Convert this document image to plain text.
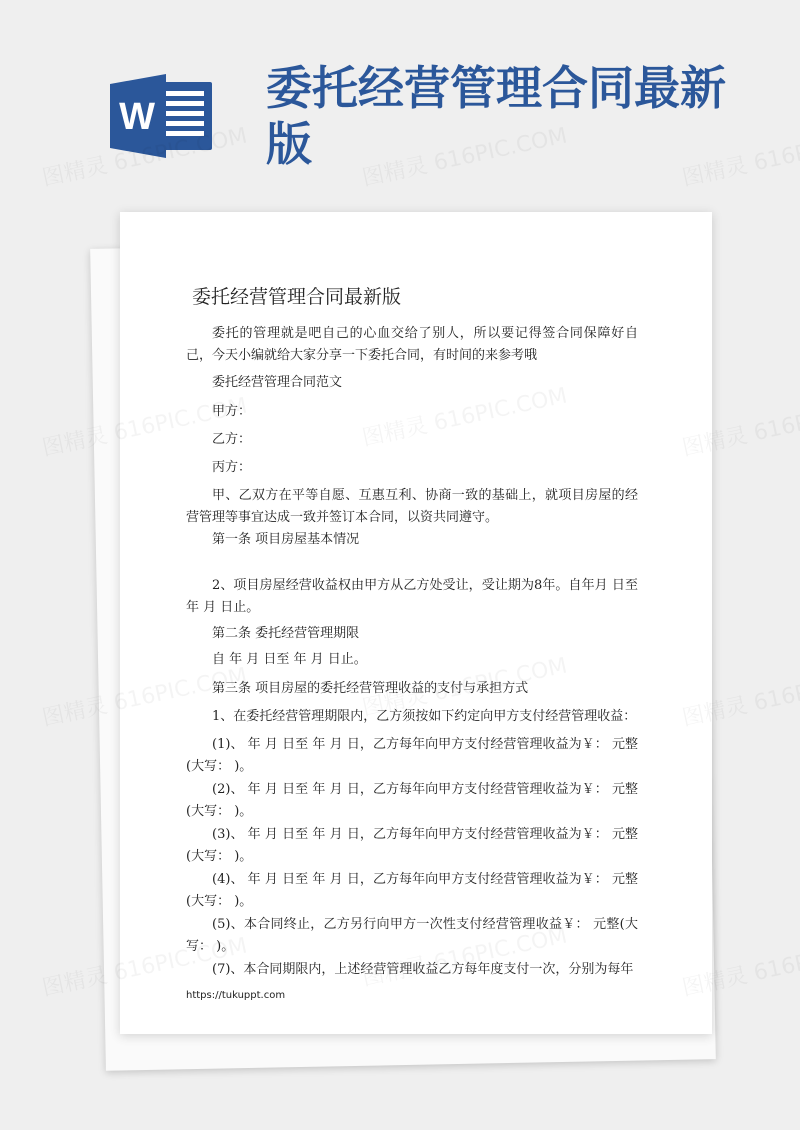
W
委托经营管理合同最新版
委托经营管理合同最新版
委托的管理就是吧自己的心血交给了别人，所以要记得签合同保障好自己，今天小编就给大家分享一下委托合同，有时间的来参考哦
委托经营管理合同范文
甲方：
乙方：
丙方：
甲、乙双方在平等自愿、互惠互利、协商一致的基础上，就项目房屋的经营管理等事宜达成一致并签订本合同，以资共同遵守。
第一条 项目房屋基本情况
2、项目房屋经营收益权由甲方从乙方处受让，受让期为8年。自年月 日至 年 月 日止。
第二条 委托经营管理期限
自 年 月 日至 年 月 日止。
第三条 项目房屋的委托经营管理收益的支付与承担方式
1、在委托经营管理期限内，乙方须按如下约定向甲方支付经营管理收益：
(1)、 年 月 日至 年 月 日，乙方每年向甲方支付经营管理收益为￥： 元整(大写： )。
(2)、 年 月 日至 年 月 日，乙方每年向甲方支付经营管理收益为￥： 元整(大写： )。
(3)、 年 月 日至 年 月 日，乙方每年向甲方支付经营管理收益为￥： 元整(大写： )。
(4)、 年 月 日至 年 月 日，乙方每年向甲方支付经营管理收益为￥： 元整(大写： )。
(5)、本合同终止，乙方另行向甲方一次性支付经营管理收益￥： 元整(大写： )。
(7)、本合同期限内，上述经营管理收益乙方每年度支付一次，分别为每年
https://tukuppt.com
